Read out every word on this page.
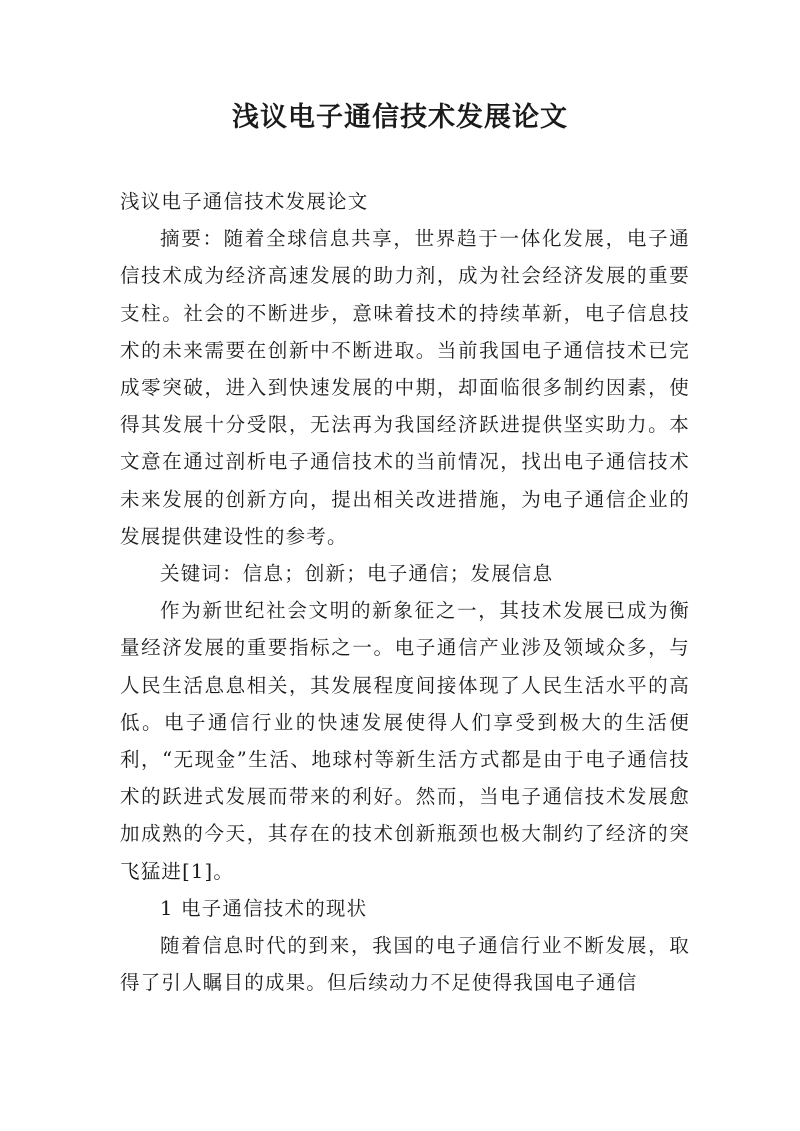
浅议电子通信技术发展论文

浅议电子通信技术发展论文

摘要：随着全球信息共享，世界趋于一体化发展，电子通信技术成为经济高速发展的助力剂，成为社会经济发展的重要支柱。社会的不断进步，意味着技术的持续革新，电子信息技术的未来需要在创新中不断进取。当前我国电子通信技术已完成零突破，进入到快速发展的中期，却面临很多制约因素，使得其发展十分受限，无法再为我国经济跃进提供坚实助力。本文意在通过剖析电子通信技术的当前情况，找出电子通信技术未来发展的创新方向，提出相关改进措施，为电子通信企业的发展提供建设性的参考。

关键词：信息；创新；电子通信；发展信息

作为新世纪社会文明的新象征之一，其技术发展已成为衡量经济发展的重要指标之一。电子通信产业涉及领域众多，与人民生活息息相关，其发展程度间接体现了人民生活水平的高低。电子通信行业的快速发展使得人们享受到极大的生活便利，“无现金”生活、地球村等新生活方式都是由于电子通信技术的跃进式发展而带来的利好。然而，当电子通信技术发展愈加成熟的今天，其存在的技术创新瓶颈也极大制约了经济的突飞猛进[1]。

1 电子通信技术的现状

随着信息时代的到来，我国的电子通信行业不断发展，取得了引人瞩目的成果。但后续动力不足使得我国电子通信
